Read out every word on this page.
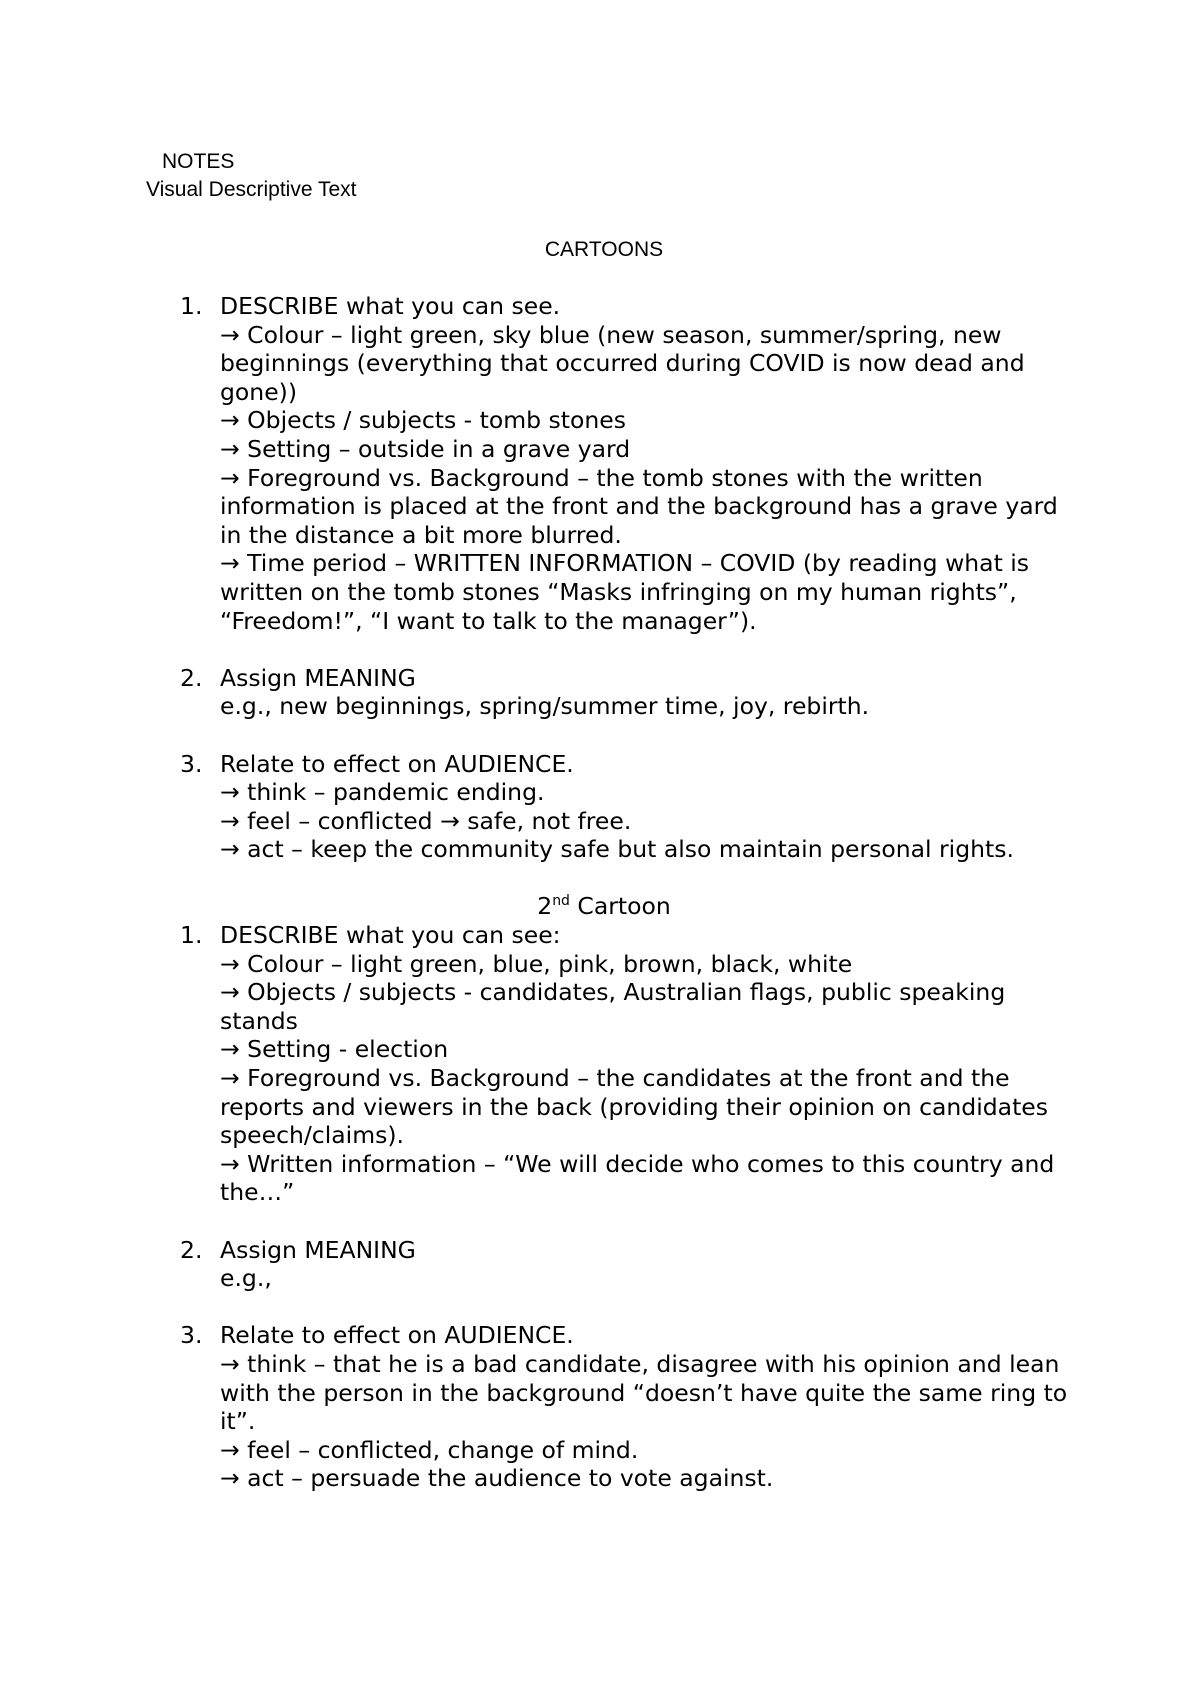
NOTES
Visual Descriptive Text
CARTOONS
1. DESCRIBE what you can see.
→ Colour – light green, sky blue (new season, summer/spring, new beginnings (everything that occurred during COVID is now dead and gone))
→ Objects / subjects - tomb stones
→ Setting – outside in a grave yard
→ Foreground vs. Background – the tomb stones with the written information is placed at the front and the background has a grave yard in the distance a bit more blurred.
→ Time period – WRITTEN INFORMATION – COVID (by reading what is written on the tomb stones “Masks infringing on my human rights”, “Freedom!”, “I want to talk to the manager”).
2. Assign MEANING
e.g., new beginnings, spring/summer time, joy, rebirth.
3. Relate to effect on AUDIENCE.
→ think – pandemic ending.
→ feel – conflicted → safe, not free.
→ act – keep the community safe but also maintain personal rights.
2nd Cartoon
1. DESCRIBE what you can see:
→ Colour – light green, blue, pink, brown, black, white
→ Objects / subjects - candidates, Australian flags, public speaking stands
→ Setting - election
→ Foreground vs. Background – the candidates at the front and the reports and viewers in the back (providing their opinion on candidates speech/claims).
→ Written information – “We will decide who comes to this country and the…”
2. Assign MEANING
e.g.,
3. Relate to effect on AUDIENCE.
→ think – that he is a bad candidate, disagree with his opinion and lean with the person in the background “doesn’t have quite the same ring to it”.
→ feel – conflicted, change of mind.
→ act – persuade the audience to vote against.
